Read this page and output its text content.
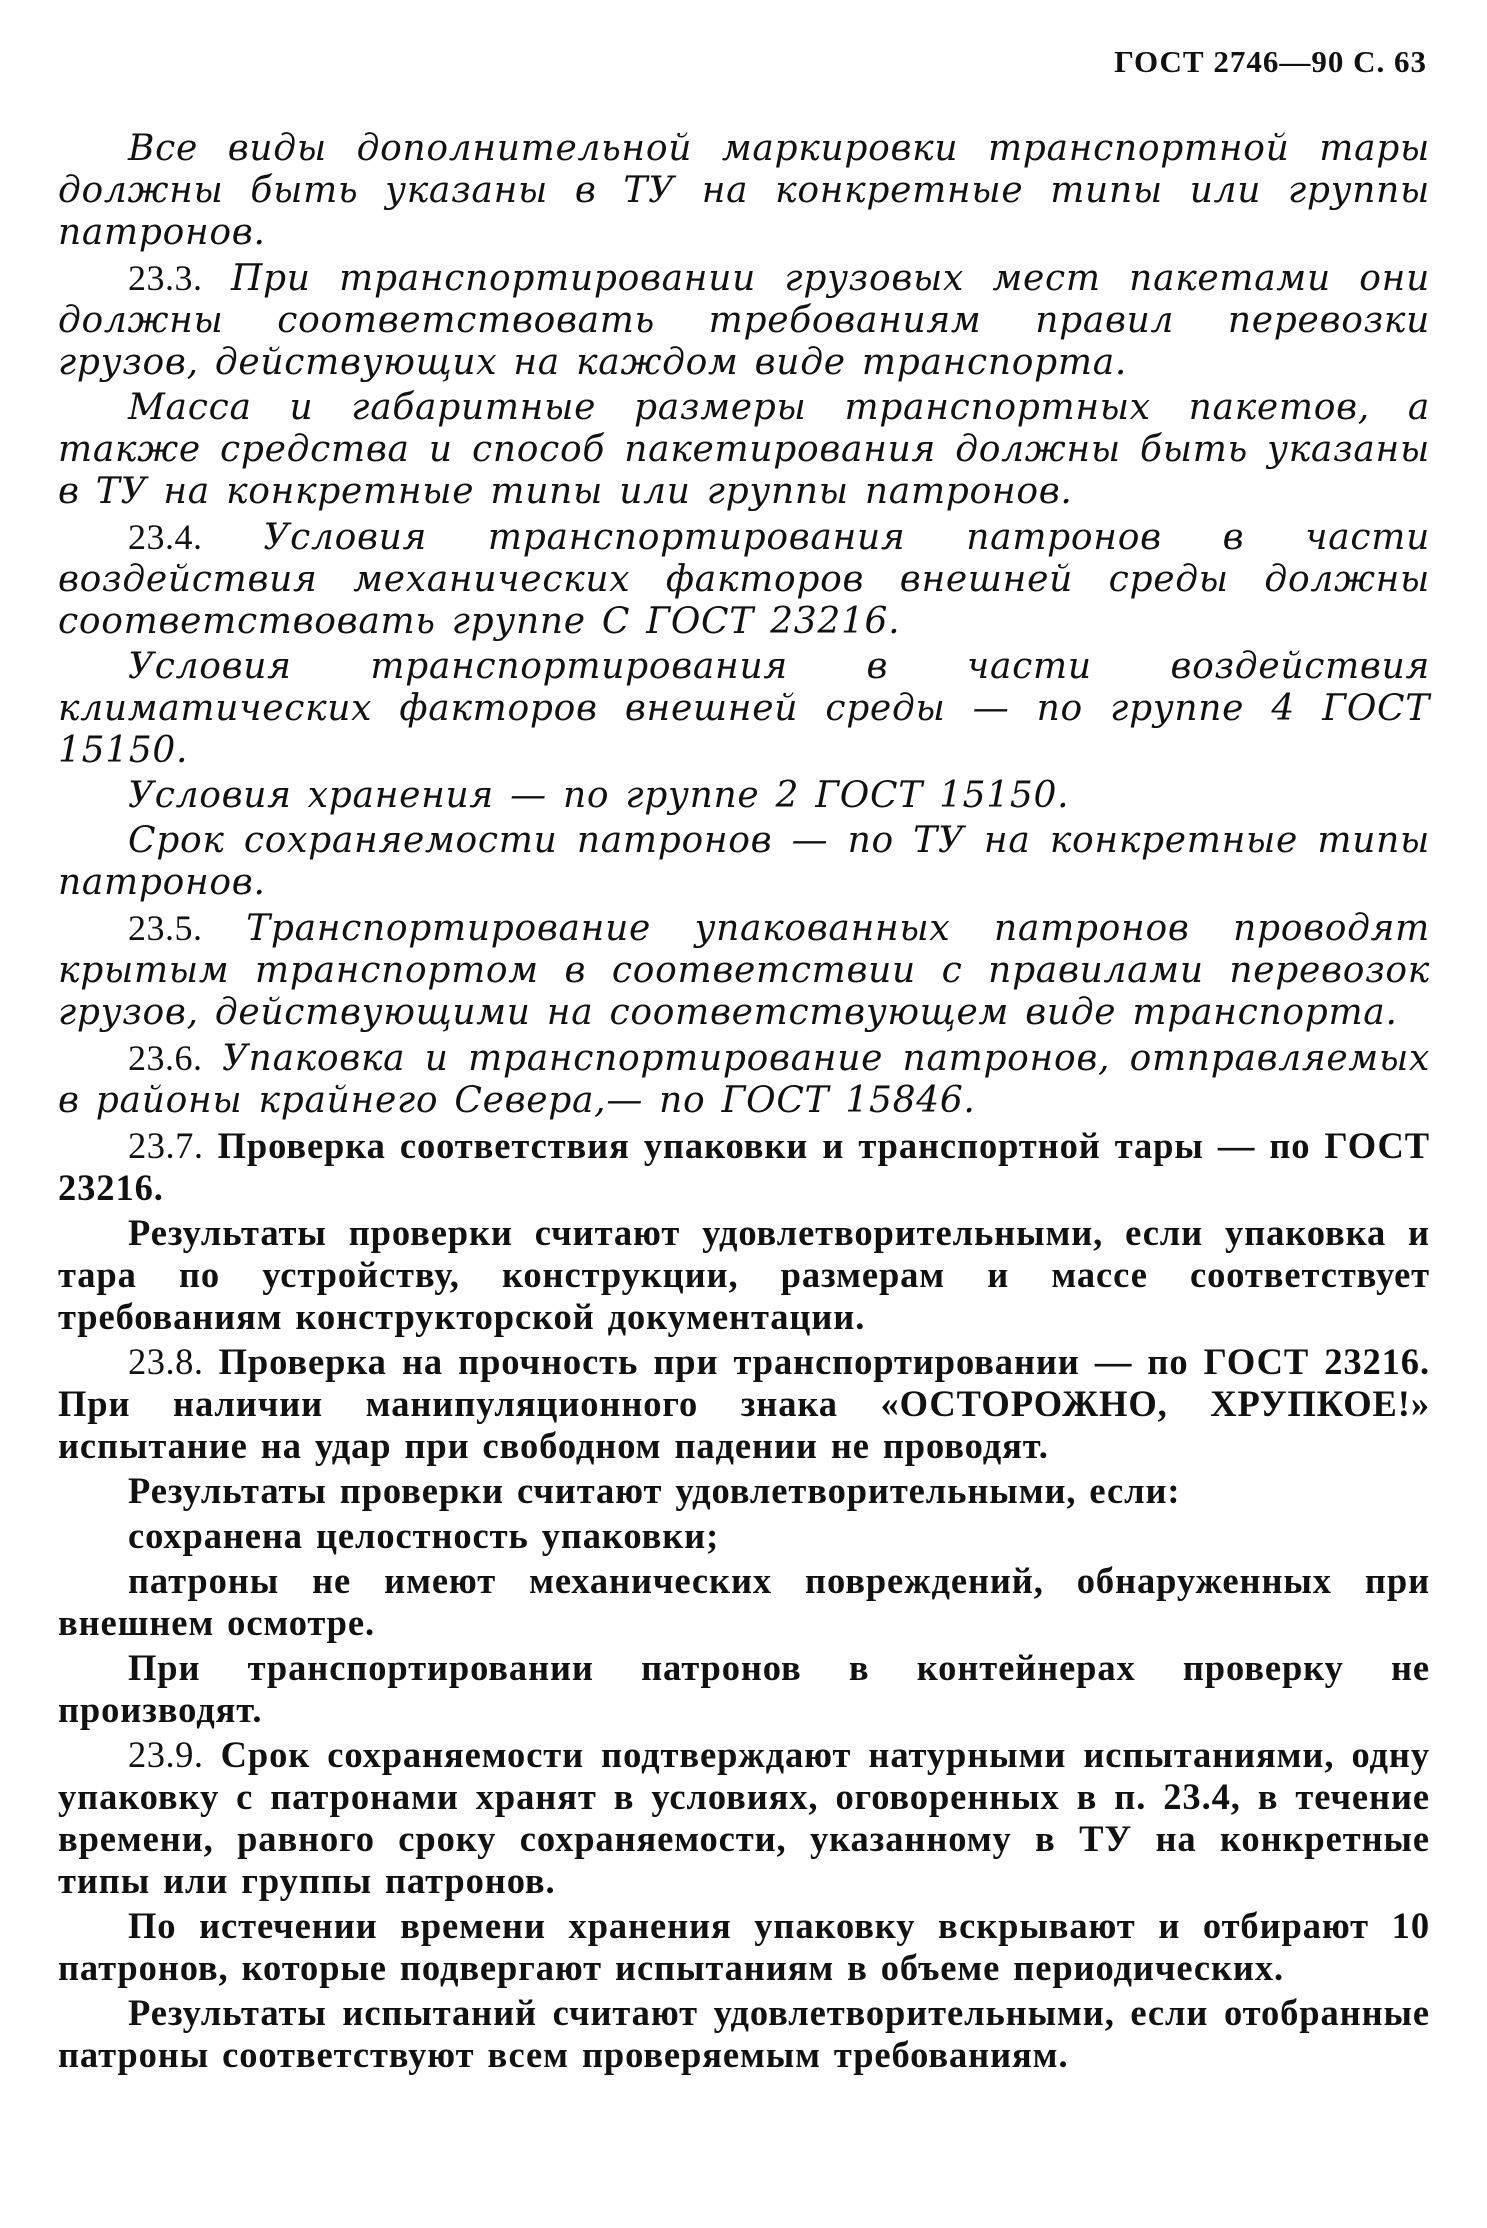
ГОСТ 2746—90 С. 63

Все виды дополнительной маркировки транспортной тары должны быть указаны в ТУ на конкретные типы или группы патронов.

23.3. При транспортировании грузовых мест пакетами они должны соответствовать требованиям правил перевозки грузов, действующих на каждом виде транспорта.

Масса и габаритные размеры транспортных пакетов, а также средства и способ пакетирования должны быть указаны в ТУ на конкретные типы или группы патронов.

23.4. Условия транспортирования патронов в части воздействия механических факторов внешней среды должны соответствовать группе С ГОСТ 23216.

Условия транспортирования в части воздействия климатических факторов внешней среды — по группе 4 ГОСТ 15150.

Условия хранения — по группе 2 ГОСТ 15150.

Срок сохраняемости патронов — по ТУ на конкретные типы патронов.

23.5. Транспортирование упакованных патронов проводят крытым транспортом в соответствии с правилами перевозок грузов, действующими на соответствующем виде транспорта.

23.6. Упаковка и транспортирование патронов, отправляемых в районы крайнего Севера,— по ГОСТ 15846.

23.7. Проверка соответствия упаковки и транспортной тары — по ГОСТ 23216.

Результаты проверки считают удовлетворительными, если упаковка и тара по устройству, конструкции, размерам и массе соответствует требованиям конструкторской документации.

23.8. Проверка на прочность при транспортировании — по ГОСТ 23216. При наличии манипуляционного знака «ОСТОРОЖНО, ХРУПКОЕ!» испытание на удар при свободном падении не проводят.

Результаты проверки считают удовлетворительными, если:

сохранена целостность упаковки;

патроны не имеют механических повреждений, обнаруженных при внешнем осмотре.

При транспортировании патронов в контейнерах проверку не производят.

23.9. Срок сохраняемости подтверждают натурными испытаниями, одну упаковку с патронами хранят в условиях, оговоренных в п. 23.4, в течение времени, равного сроку сохраняемости, указанному в ТУ на конкретные типы или группы патронов.

По истечении времени хранения упаковку вскрывают и отбирают 10 патронов, которые подвергают испытаниям в объеме периодических.

Результаты испытаний считают удовлетворительными, если отобранные патроны соответствуют всем проверяемым требованиям.
